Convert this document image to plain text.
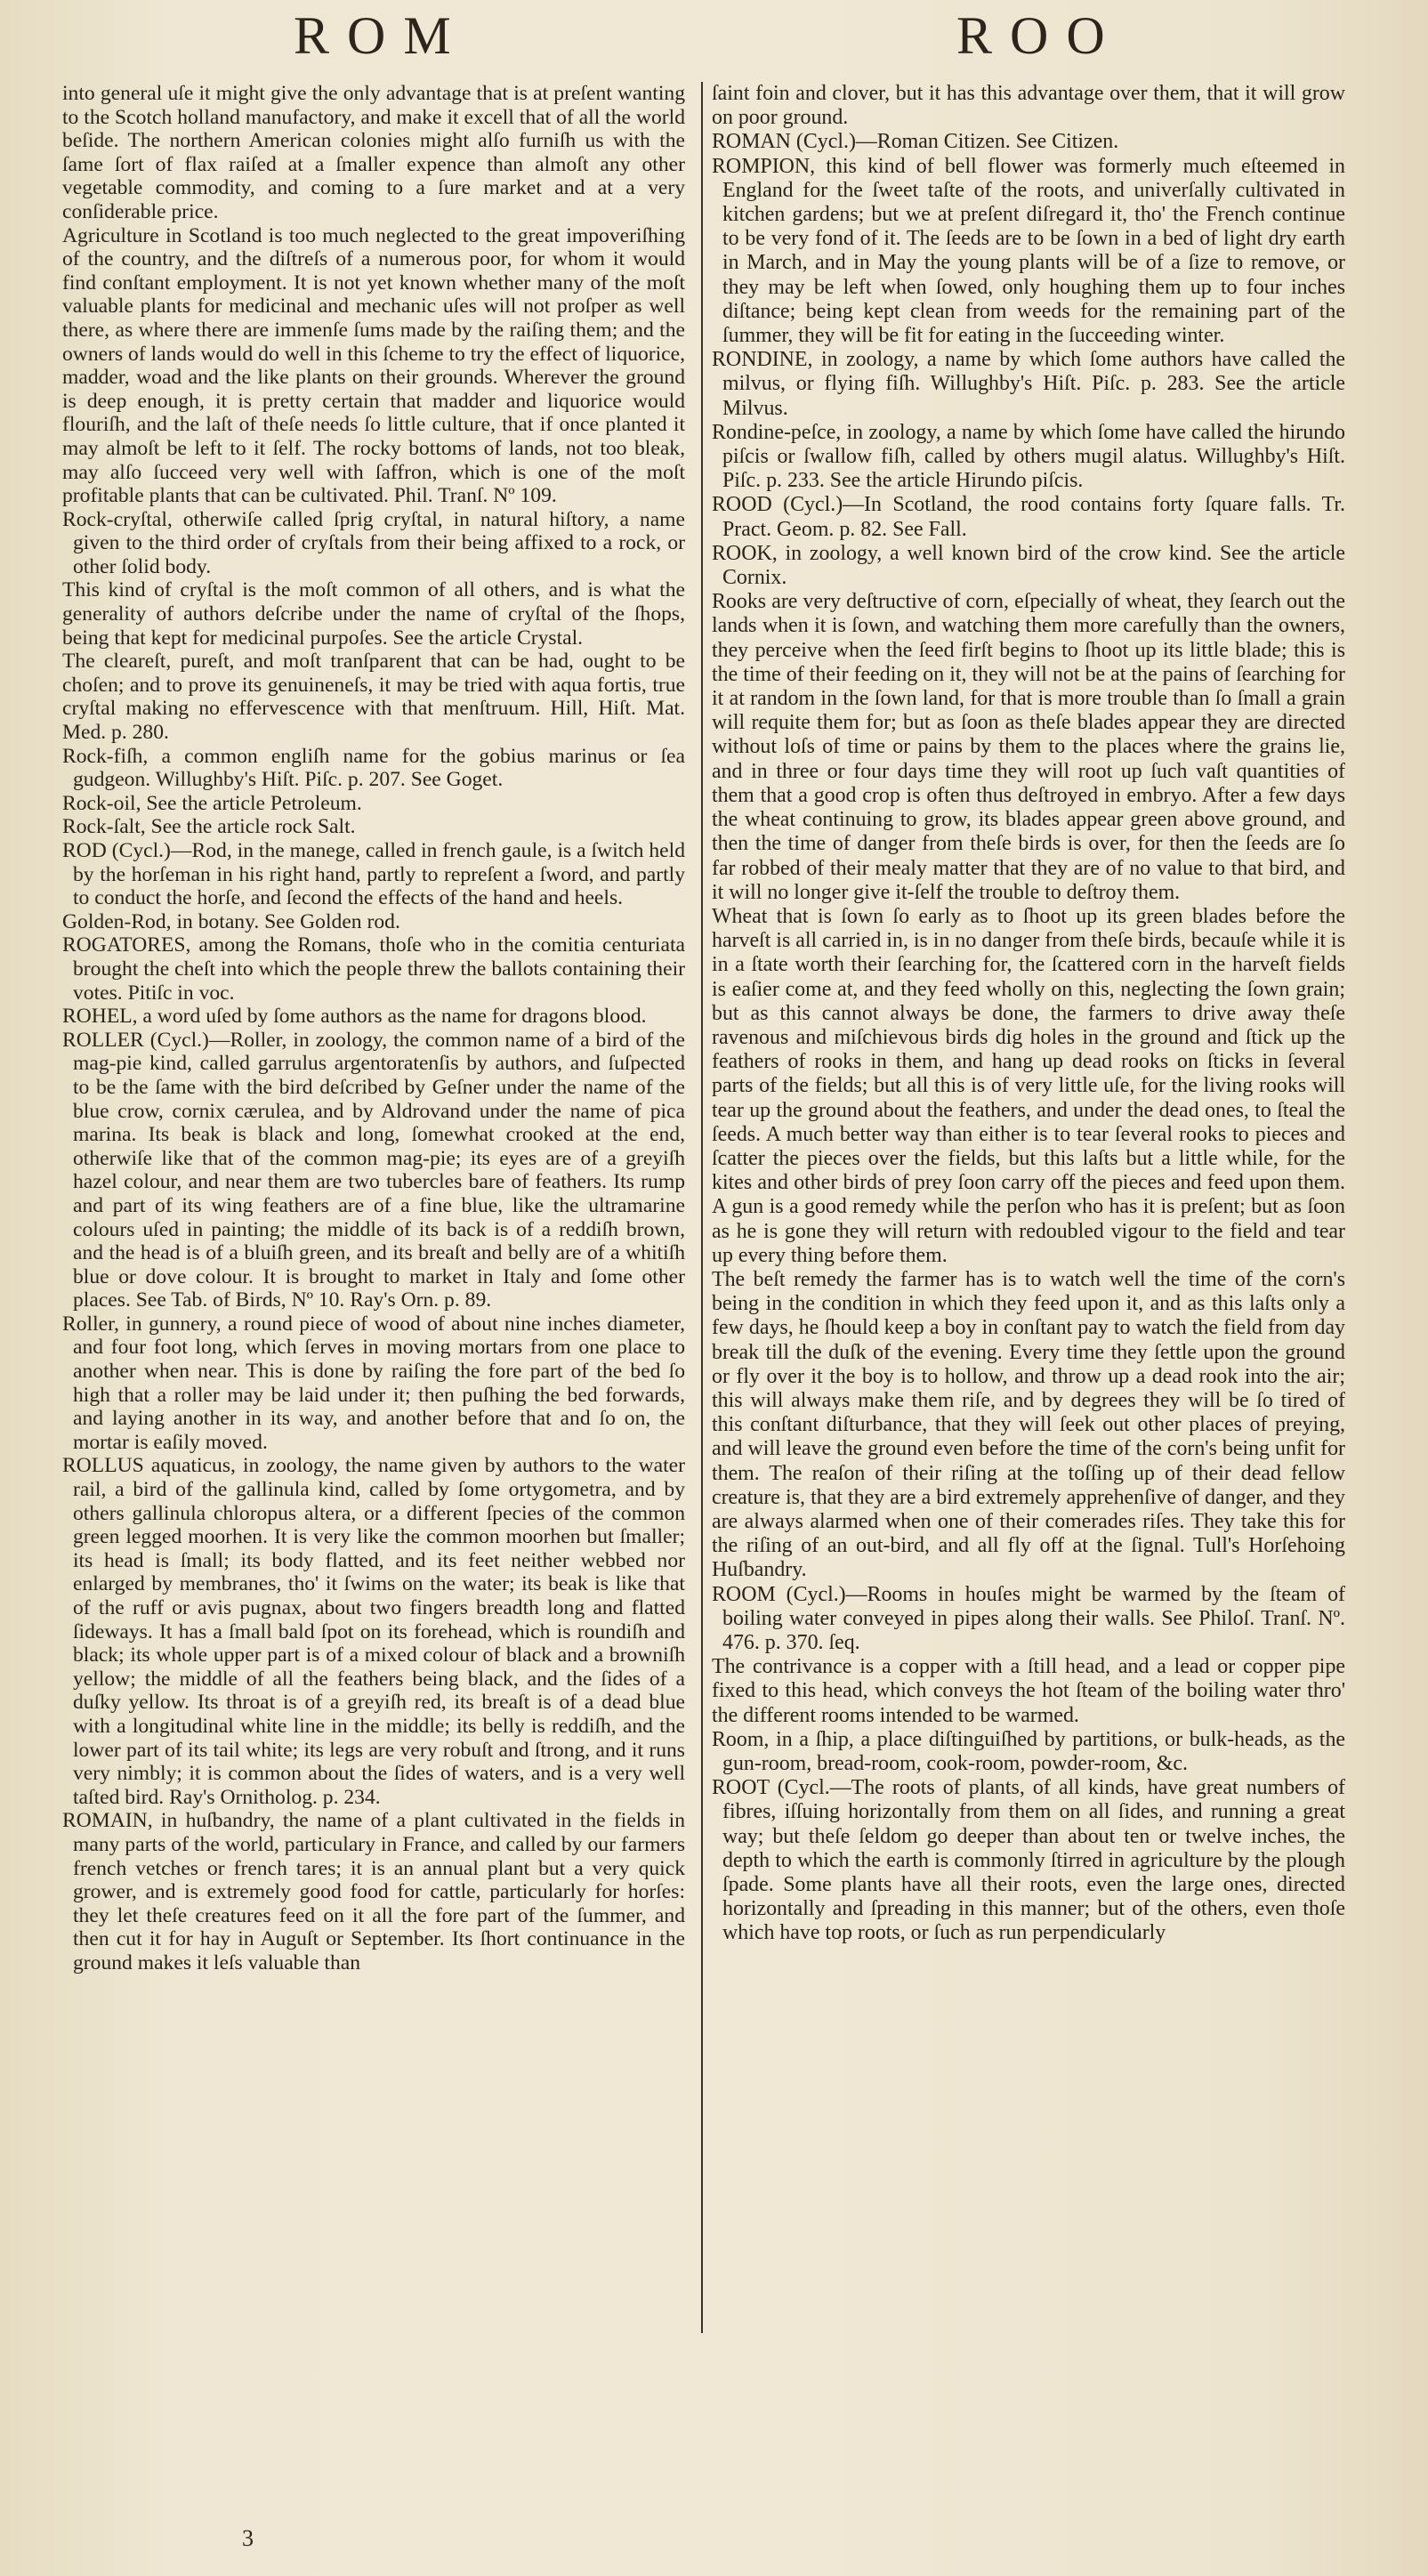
ROM	ROO

into general uſe it might give the only advantage that is at preſent wanting to the Scotch holland manufactory, and make it excell that of all the world beſide. The northern American colonies might alſo furniſh us with the ſame ſort of flax raiſed at a ſmaller expence than almoſt any other vegetable commodity, and coming to a ſure market and at a very conſiderable price.

Agriculture in Scotland is too much neglected to the great impoveriſhing of the country, and the diſtreſs of a numerous poor, for whom it would find conſtant employment. It is not yet known whether many of the moſt valuable plants for medicinal and mechanic uſes will not proſper as well there, as where there are immenſe ſums made by the raiſing them; and the owners of lands would do well in this ſcheme to try the effect of liquorice, madder, woad and the like plants on their grounds. Wherever the ground is deep enough, it is pretty certain that madder and liquorice would flouriſh, and the laſt of theſe needs ſo little culture, that if once planted it may almoſt be left to it ſelf. The rocky bottoms of lands, not too bleak, may alſo ſucceed very well with ſaffron, which is one of the moſt profitable plants that can be cultivated. Phil. Tranſ. Nº 109.

Rock-cryſtal, otherwiſe called ſprig cryſtal, in natural hiſtory, a name given to the third order of cryſtals from their being affixed to a rock, or other ſolid body.

This kind of cryſtal is the moſt common of all others, and is what the generality of authors deſcribe under the name of cryſtal of the ſhops, being that kept for medicinal purpoſes. See the article Crystal.

The cleareſt, pureſt, and moſt tranſparent that can be had, ought to be choſen; and to prove its genuineneſs, it may be tried with aqua fortis, true cryſtal making no effervescence with that menſtruum. Hill, Hiſt. Mat. Med. p. 280.

Rock-fiſh, a common engliſh name for the gobius marinus or ſea gudgeon. Willughby's Hiſt. Piſc. p. 207. See Goget.

Rock-oil, See the article Petroleum.

Rock-ſalt, See the article rock Salt.

ROD (Cycl.)—Rod, in the manege, called in french gaule, is a ſwitch held by the horſeman in his right hand, partly to repreſent a ſword, and partly to conduct the horſe, and ſecond the effects of the hand and heels.

Golden-Rod, in botany. See Golden rod.

ROGATORES, among the Romans, thoſe who in the comitia centuriata brought the cheſt into which the people threw the ballots containing their votes. Pitiſc in voc.

ROHEL, a word uſed by ſome authors as the name for dragons blood.

ROLLER (Cycl.)—Roller, in zoology, the common name of a bird of the mag-pie kind, called garrulus argentoratenſis by authors, and ſuſpected to be the ſame with the bird deſcribed by Geſner under the name of the blue crow, cornix cærulea, and by Aldrovand under the name of pica marina. Its beak is black and long, ſomewhat crooked at the end, otherwiſe like that of the common mag-pie; its eyes are of a greyiſh hazel colour, and near them are two tubercles bare of feathers. Its rump and part of its wing feathers are of a fine blue, like the ultramarine colours uſed in painting; the middle of its back is of a reddiſh brown, and the head is of a bluiſh green, and its breaſt and belly are of a whitiſh blue or dove colour. It is brought to market in Italy and ſome other places. See Tab. of Birds, Nº 10. Ray's Orn. p. 89.

Roller, in gunnery, a round piece of wood of about nine inches diameter, and four foot long, which ſerves in moving mortars from one place to another when near. This is done by raiſing the fore part of the bed ſo high that a roller may be laid under it; then puſhing the bed forwards, and laying another in its way, and another before that and ſo on, the mortar is eaſily moved.

ROLLUS aquaticus, in zoology, the name given by authors to the water rail, a bird of the gallinula kind, called by ſome ortygometra, and by others gallinula chloropus altera, or a different ſpecies of the common green legged moorhen. It is very like the common moorhen but ſmaller; its head is ſmall; its body flatted, and its feet neither webbed nor enlarged by membranes, tho' it ſwims on the water; its beak is like that of the ruff or avis pugnax, about two fingers breadth long and flatted ſideways. It has a ſmall bald ſpot on its forehead, which is roundiſh and black; its whole upper part is of a mixed colour of black and a browniſh yellow; the middle of all the feathers being black, and the ſides of a duſky yellow. Its throat is of a greyiſh red, its breaſt is of a dead blue with a longitudinal white line in the middle; its belly is reddiſh, and the lower part of its tail white; its legs are very robuſt and ſtrong, and it runs very nimbly; it is common about the ſides of waters, and is a very well taſted bird. Ray's Ornitholog. p. 234.

ROMAIN, in huſbandry, the name of a plant cultivated in the fields in many parts of the world, particulary in France, and called by our farmers french vetches or french tares; it is an annual plant but a very quick grower, and is extremely good food for cattle, particularly for horſes: they let theſe creatures feed on it all the fore part of the ſummer, and then cut it for hay in Auguſt or September. Its ſhort continuance in the ground makes it leſs valuable than

ſaint foin and clover, but it has this advantage over them, that it will grow on poor ground.

ROMAN (Cycl.)—Roman Citizen. See Citizen.

ROMPION, this kind of bell flower was formerly much eſteemed in England for the ſweet taſte of the roots, and univerſally cultivated in kitchen gardens; but we at preſent diſregard it, tho' the French continue to be very fond of it. The ſeeds are to be ſown in a bed of light dry earth in March, and in May the young plants will be of a ſize to remove, or they may be left when ſowed, only houghing them up to four inches diſtance; being kept clean from weeds for the remaining part of the ſummer, they will be fit for eating in the ſucceeding winter.

RONDINE, in zoology, a name by which ſome authors have called the milvus, or flying fiſh. Willughby's Hiſt. Piſc. p. 283. See the article Milvus.

Rondine-peſce, in zoology, a name by which ſome have called the hirundo piſcis or ſwallow fiſh, called by others mugil alatus. Willughby's Hiſt. Piſc. p. 233. See the article Hirundo piſcis.

ROOD (Cycl.)—In Scotland, the rood contains forty ſquare falls. Tr. Pract. Geom. p. 82. See Fall.

ROOK, in zoology, a well known bird of the crow kind. See the article Cornix.

Rooks are very deſtructive of corn, eſpecially of wheat, they ſearch out the lands when it is ſown, and watching them more carefully than the owners, they perceive when the ſeed firſt begins to ſhoot up its little blade; this is the time of their feeding on it, they will not be at the pains of ſearching for it at random in the ſown land, for that is more trouble than ſo ſmall a grain will requite them for; but as ſoon as theſe blades appear they are directed without loſs of time or pains by them to the places where the grains lie, and in three or four days time they will root up ſuch vaſt quantities of them that a good crop is often thus deſtroyed in embryo. After a few days the wheat continuing to grow, its blades appear green above ground, and then the time of danger from theſe birds is over, for then the ſeeds are ſo far robbed of their mealy matter that they are of no value to that bird, and it will no longer give it-ſelf the trouble to deſtroy them.

Wheat that is ſown ſo early as to ſhoot up its green blades before the harveſt is all carried in, is in no danger from theſe birds, becauſe while it is in a ſtate worth their ſearching for, the ſcattered corn in the harveſt fields is eaſier come at, and they feed wholly on this, neglecting the ſown grain; but as this cannot always be done, the farmers to drive away theſe ravenous and miſchievous birds dig holes in the ground and ſtick up the feathers of rooks in them, and hang up dead rooks on ſticks in ſeveral parts of the fields; but all this is of very little uſe, for the living rooks will tear up the ground about the feathers, and under the dead ones, to ſteal the ſeeds. A much better way than either is to tear ſeveral rooks to pieces and ſcatter the pieces over the fields, but this laſts but a little while, for the kites and other birds of prey ſoon carry off the pieces and feed upon them. A gun is a good remedy while the perſon who has it is preſent; but as ſoon as he is gone they will return with redoubled vigour to the field and tear up every thing before them.

The beſt remedy the farmer has is to watch well the time of the corn's being in the condition in which they feed upon it, and as this laſts only a few days, he ſhould keep a boy in conſtant pay to watch the field from day break till the duſk of the evening. Every time they ſettle upon the ground or fly over it the boy is to hollow, and throw up a dead rook into the air; this will always make them riſe, and by degrees they will be ſo tired of this conſtant diſturbance, that they will ſeek out other places of preying, and will leave the ground even before the time of the corn's being unfit for them. The reaſon of their riſing at the toſſing up of their dead fellow creature is, that they are a bird extremely apprehenſive of danger, and they are always alarmed when one of their comerades riſes. They take this for the riſing of an out-bird, and all fly off at the ſignal. Tull's Horſehoing Huſbandry.

ROOM (Cycl.)—Rooms in houſes might be warmed by the ſteam of boiling water conveyed in pipes along their walls. See Philoſ. Tranſ. Nº. 476. p. 370. ſeq.

The contrivance is a copper with a ſtill head, and a lead or copper pipe fixed to this head, which conveys the hot ſteam of the boiling water thro' the different rooms intended to be warmed.

Room, in a ſhip, a place diſtinguiſhed by partitions, or bulk-heads, as the gun-room, bread-room, cook-room, powder-room, &c.

ROOT (Cycl.—The roots of plants, of all kinds, have great numbers of fibres, iſſuing horizontally from them on all ſides, and running a great way; but theſe ſeldom go deeper than about ten or twelve inches, the depth to which the earth is commonly ſtirred in agriculture by the plough ſpade. Some plants have all their roots, even the large ones, directed horizontally and ſpreading in this manner; but of the others, even thoſe which have top roots, or ſuch as run perpendicularly

3
